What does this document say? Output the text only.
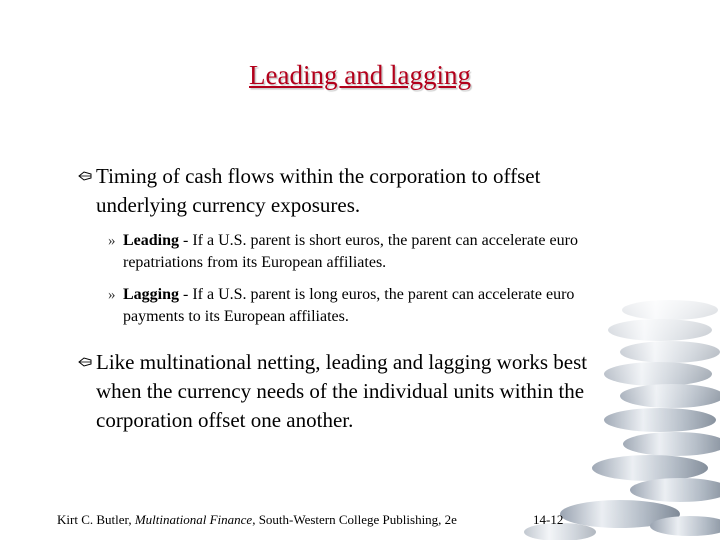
Leading and lagging
Timing of cash flows within the corporation to offset underlying currency exposures.
» Leading - If a U.S. parent is short euros, the parent can accelerate euro repatriations from its European affiliates.
» Lagging - If a U.S. parent is long euros, the parent can accelerate euro payments to its European affiliates.
Like multinational netting, leading and lagging works best when the currency needs of the individual units within the corporation offset one another.
Kirt C. Butler, Multinational Finance, South-Western College Publishing, 2e	14-12
